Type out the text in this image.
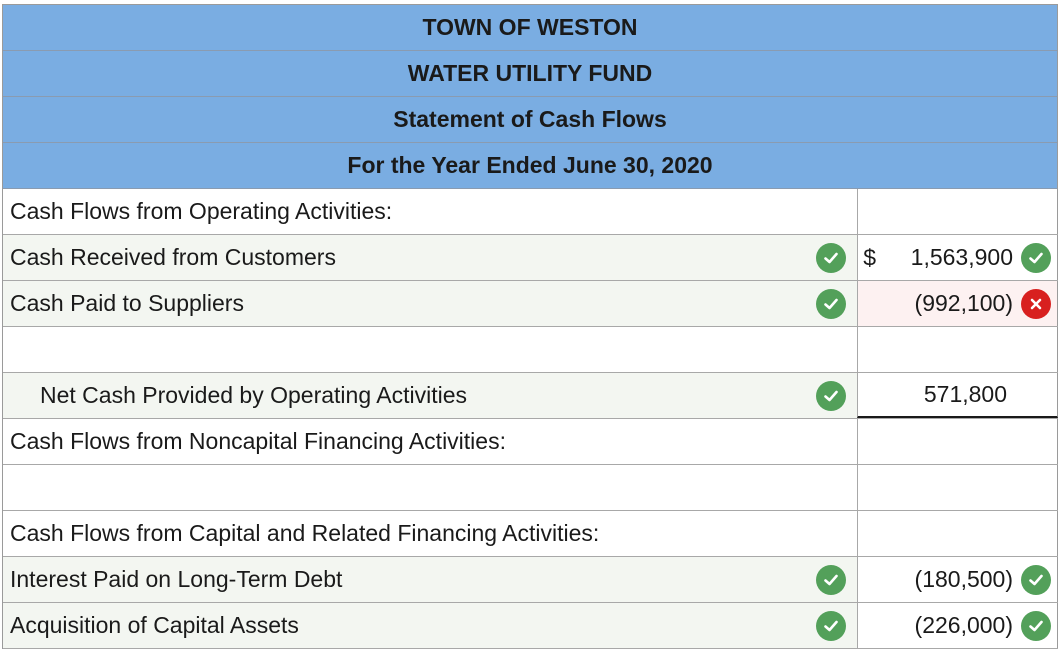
TOWN OF WESTON
WATER UTILITY FUND
Statement of Cash Flows
For the Year Ended June 30, 2020
Cash Flows from Operating Activities:
Cash Received from Customers	$ 1,563,900
Cash Paid to Suppliers	(992,100)
Net Cash Provided by Operating Activities	571,800
Cash Flows from Noncapital Financing Activities:
Cash Flows from Capital and Related Financing Activities:
Interest Paid on Long-Term Debt	(180,500)
Acquisition of Capital Assets	(226,000)
